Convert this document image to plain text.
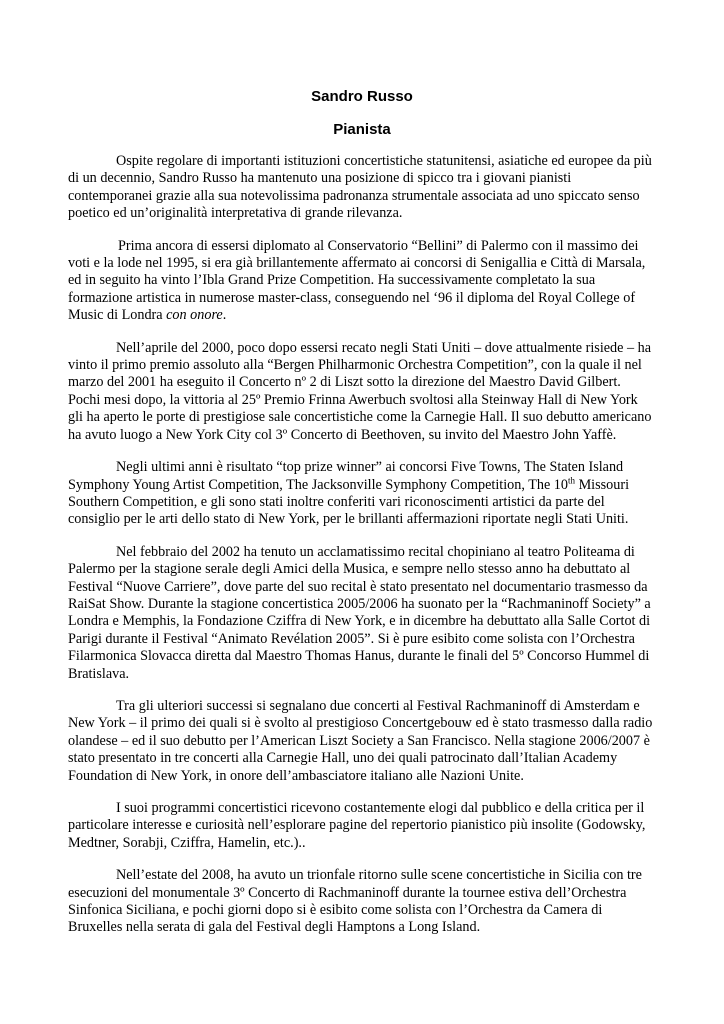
Sandro Russo
Pianista

Ospite regolare di importanti istituzioni concertistiche statunitensi, asiatiche ed europee da più di un decennio, Sandro Russo ha mantenuto una posizione di spicco tra i giovani pianisti contemporanei grazie alla sua notevolissima padronanza strumentale associata ad uno spiccato senso poetico ed un’originalità interpretativa di grande rilevanza.

Prima ancora di essersi diplomato al Conservatorio “Bellini” di Palermo con il massimo dei voti e la lode nel 1995, si era già brillantemente affermato ai concorsi di Senigallia e Città di Marsala, ed in seguito ha vinto l’Ibla Grand Prize Competition. Ha successivamente completato la sua formazione artistica in numerose master-class, conseguendo nel ‘96 il diploma del Royal College of Music di Londra con onore.

Nell’aprile del 2000, poco dopo essersi recato negli Stati Uniti – dove attualmente risiede – ha vinto il primo premio assoluto alla “Bergen Philharmonic Orchestra Competition”, con la quale il nel marzo del 2001 ha eseguito il Concerto nº 2 di Liszt sotto la direzione del Maestro David Gilbert. Pochi mesi dopo, la vittoria al 25º Premio Frinna Awerbuch svoltosi alla Steinway Hall di New York gli ha aperto le porte di prestigiose sale concertistiche come la Carnegie Hall. Il suo debutto americano ha avuto luogo a New York City col 3º Concerto di Beethoven, su invito del Maestro John Yaffè.

Negli ultimi anni è risultato “top prize winner” ai concorsi Five Towns, The Staten Island Symphony Young Artist Competition, The Jacksonville Symphony Competition, The 10th Missouri Southern Competition, e gli sono stati inoltre conferiti vari riconoscimenti artistici da parte del consiglio per le arti dello stato di New York, per le brillanti affermazioni riportate negli Stati Uniti.

Nel febbraio del 2002 ha tenuto un acclamatissimo recital chopiniano al teatro Politeama di Palermo per la stagione serale degli Amici della Musica, e sempre nello stesso anno ha debuttato al Festival “Nuove Carriere”, dove parte del suo recital è stato presentato nel documentario trasmesso da RaiSat Show. Durante la stagione concertistica 2005/2006 ha suonato per la “Rachmaninoff Society” a Londra e Memphis, la Fondazione Cziffra di New York, e in dicembre ha debuttato alla Salle Cortot di Parigi durante il Festival “Animato Revélation 2005”. Si è pure esibito come solista con l’Orchestra Filarmonica Slovacca diretta dal Maestro Thomas Hanus, durante le finali del 5º Concorso Hummel di Bratislava.

Tra gli ulteriori successi si segnalano due concerti al Festival Rachmaninoff di Amsterdam e New York – il primo dei quali si è svolto al prestigioso Concertgebouw ed è stato trasmesso dalla radio olandese – ed il suo debutto per l’American Liszt Society a San Francisco. Nella stagione 2006/2007 è stato presentato in tre concerti alla Carnegie Hall, uno dei quali patrocinato dall’Italian Academy Foundation di New York, in onore dell’ambasciatore italiano alle Nazioni Unite.

I suoi programmi concertistici ricevono costantemente elogi dal pubblico e della critica per il particolare interesse e curiosità nell’esplorare pagine del repertorio pianistico più insolite (Godowsky, Medtner, Sorabji, Cziffra, Hamelin, etc.)..

Nell’estate del 2008, ha avuto un trionfale ritorno sulle scene concertistiche in Sicilia con tre esecuzioni del monumentale 3º Concerto di Rachmaninoff durante la tournee estiva dell’Orchestra Sinfonica Siciliana, e pochi giorni dopo si è esibito come solista con l’Orchestra da Camera di Bruxelles nella serata di gala del Festival degli Hamptons a Long Island.
